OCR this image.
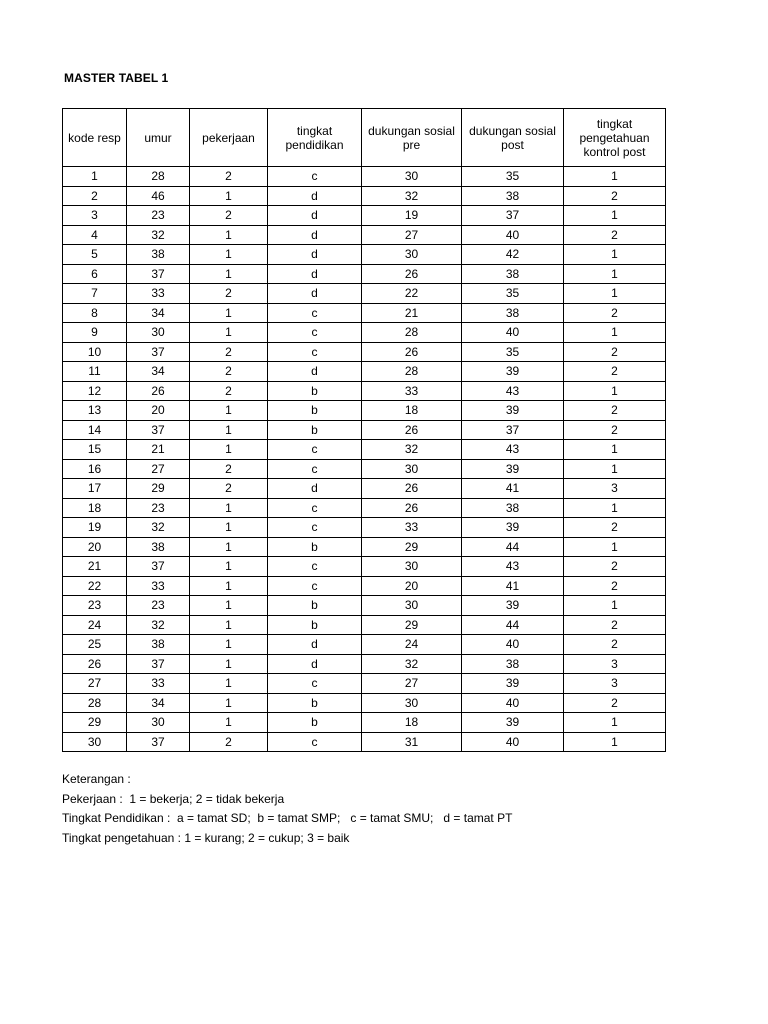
MASTER TABEL 1
kode resp	umur	pekerjaan	tingkat pendidikan	dukungan sosial pre	dukungan sosial post	tingkat pengetahuan kontrol post
1	28	2	c	30	35	1
2	46	1	d	32	38	2
3	23	2	d	19	37	1
4	32	1	d	27	40	2
5	38	1	d	30	42	1
6	37	1	d	26	38	1
7	33	2	d	22	35	1
8	34	1	c	21	38	2
9	30	1	c	28	40	1
10	37	2	c	26	35	2
11	34	2	d	28	39	2
12	26	2	b	33	43	1
13	20	1	b	18	39	2
14	37	1	b	26	37	2
15	21	1	c	32	43	1
16	27	2	c	30	39	1
17	29	2	d	26	41	3
18	23	1	c	26	38	1
19	32	1	c	33	39	2
20	38	1	b	29	44	1
21	37	1	c	30	43	2
22	33	1	c	20	41	2
23	23	1	b	30	39	1
24	32	1	b	29	44	2
25	38	1	d	24	40	2
26	37	1	d	32	38	3
27	33	1	c	27	39	3
28	34	1	b	30	40	2
29	30	1	b	18	39	1
30	37	2	c	31	40	1
Keterangan :
Pekerjaan :  1 = bekerja; 2 = tidak bekerja
Tingkat Pendidikan :  a = tamat SD;  b = tamat SMP;   c = tamat SMU;   d = tamat PT
Tingkat pengetahuan : 1 = kurang; 2 = cukup; 3 = baik
